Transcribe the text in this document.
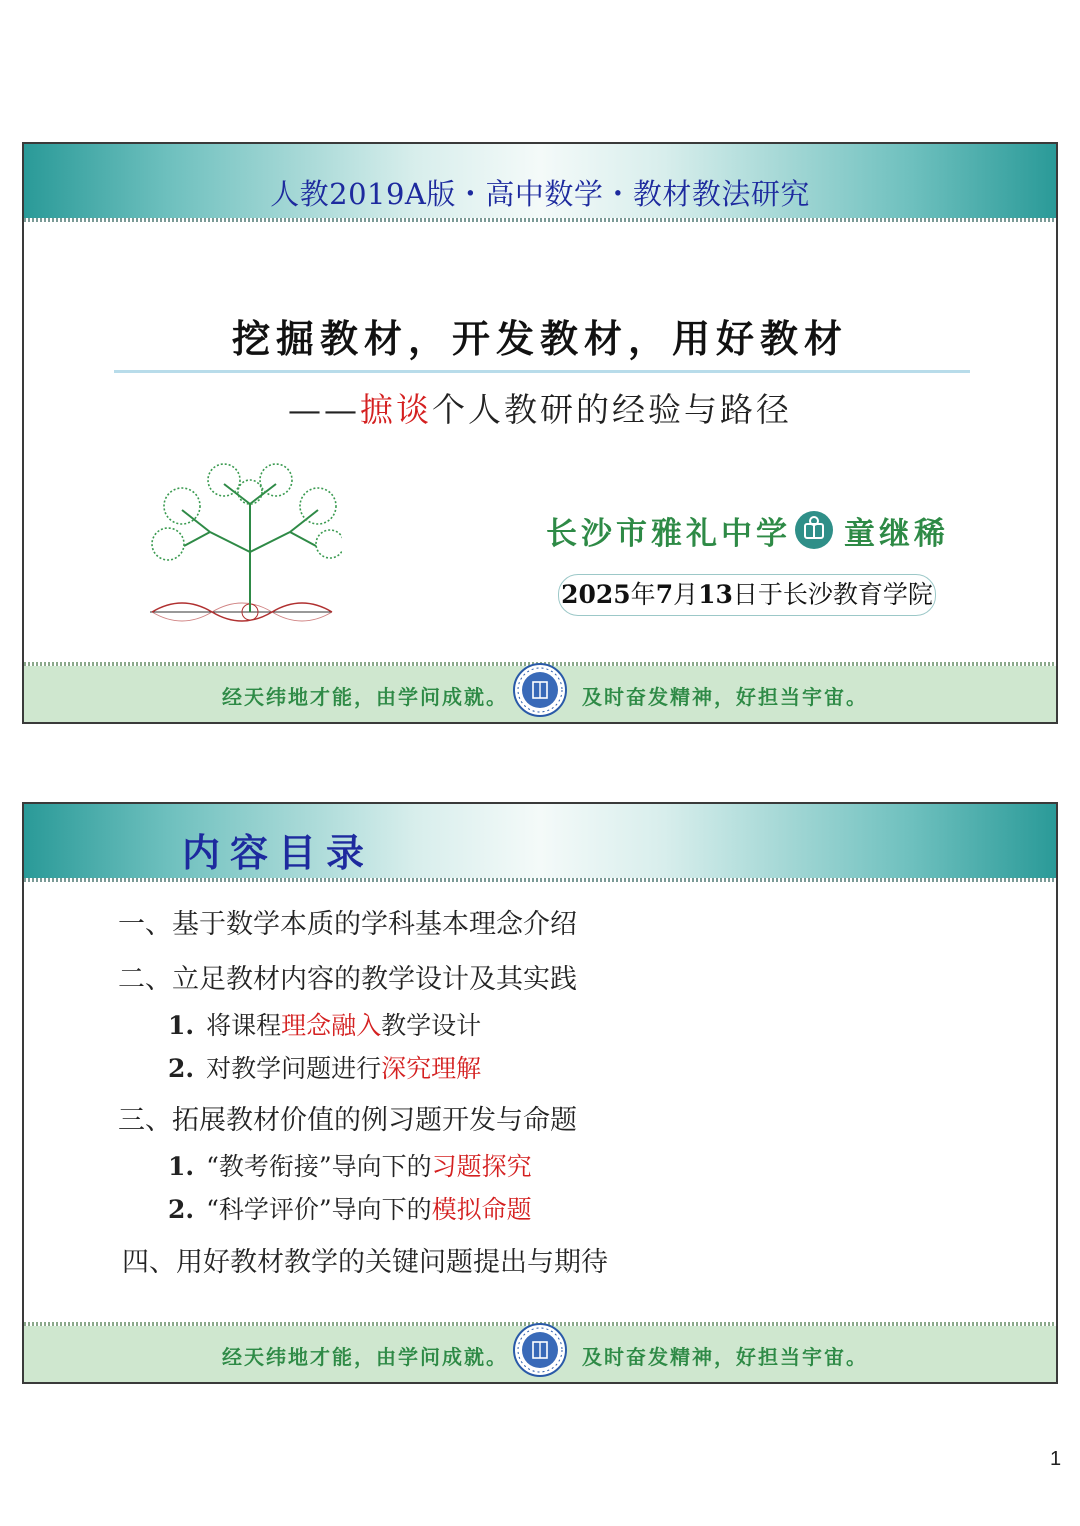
人教2019A版・高中数学・教材教法研究
挖掘教材，开发教材，用好教材
——摭谈个人教研的经验与路径
长沙市雅礼中学 童继稀
2025年7月13日于长沙教育学院
经天纬地才能，由学问成就。	及时奋发精神，好担当宇宙。
内容目录
一、基于数学本质的学科基本理念介绍
二、立足教材内容的教学设计及其实践
1. 将课程理念融入教学设计
2. 对教学问题进行深究理解
三、拓展教材价值的例习题开发与命题
1. “教考衔接”导向下的习题探究
2. “科学评价”导向下的模拟命题
四、用好教材教学的关键问题提出与期待
经天纬地才能，由学问成就。	及时奋发精神，好担当宇宙。
1
